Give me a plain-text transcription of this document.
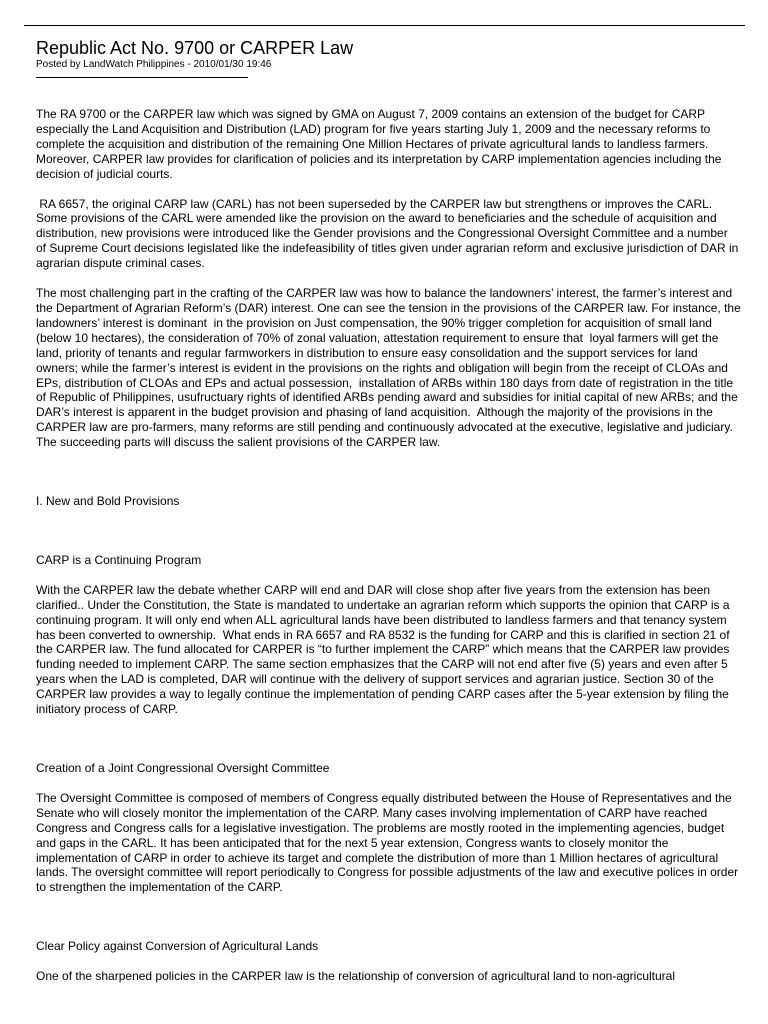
Republic Act No. 9700 or CARPER Law

Posted by LandWatch Philippines - 2010/01/30 19:46

The RA 9700 or the CARPER law which was signed by GMA on August 7, 2009 contains an extension of the budget for CARP especially the Land Acquisition and Distribution (LAD) program for five years starting July 1, 2009 and the necessary reforms to complete the acquisition and distribution of the remaining One Million Hectares of private agricultural lands to landless farmers.  Moreover, CARPER law provides for clarification of policies and its interpretation by CARP implementation agencies including the decision of judicial courts.

RA 6657, the original CARP law (CARL) has not been superseded by the CARPER law but strengthens or improves the CARL. Some provisions of the CARL were amended like the provision on the award to beneficiaries and the schedule of acquisition and distribution, new provisions were introduced like the Gender provisions and the Congressional Oversight Committee and a number of Supreme Court decisions legislated like the indefeasibility of titles given under agrarian reform and exclusive jurisdiction of DAR in agrarian dispute criminal cases.

The most challenging part in the crafting of the CARPER law was how to balance the landowners’ interest, the farmer’s interest and the Department of Agrarian Reform’s (DAR) interest. One can see the tension in the provisions of the CARPER law. For instance, the landowners’ interest is dominant  in the provision on Just compensation, the 90% trigger completion for acquisition of small land (below 10 hectares), the consideration of 70% of zonal valuation, attestation requirement to ensure that  loyal farmers will get the land, priority of tenants and regular farmworkers in distribution to ensure easy consolidation and the support services for land owners; while the farmer’s interest is evident in the provisions on the rights and obligation will begin from the receipt of CLOAs and EPs, distribution of CLOAs and EPs and actual possession,  installation of ARBs within 180 days from date of registration in the title of Republic of Philippines, usufructuary rights of identified ARBs pending award and subsidies for initial capital of new ARBs; and the DAR’s interest is apparent in the budget provision and phasing of land acquisition.  Although the majority of the provisions in the CARPER law are pro-farmers, many reforms are still pending and continuously advocated at the executive, legislative and judiciary. The succeeding parts will discuss the salient provisions of the CARPER law.

I. New and Bold Provisions

CARP is a Continuing Program

With the CARPER law the debate whether CARP will end and DAR will close shop after five years from the extension has been clarified.. Under the Constitution, the State is mandated to undertake an agrarian reform which supports the opinion that CARP is a continuing program. It will only end when ALL agricultural lands have been distributed to landless farmers and that tenancy system has been converted to ownership.  What ends in RA 6657 and RA 8532 is the funding for CARP and this is clarified in section 21 of the CARPER law. The fund allocated for CARPER is “to further implement the CARP” which means that the CARPER law provides funding needed to implement CARP. The same section emphasizes that the CARP will not end after five (5) years and even after 5 years when the LAD is completed, DAR will continue with the delivery of support services and agrarian justice. Section 30 of the CARPER law provides a way to legally continue the implementation of pending CARP cases after the 5-year extension by filing the initiatory process of CARP.

Creation of a Joint Congressional Oversight Committee

The Oversight Committee is composed of members of Congress equally distributed between the House of Representatives and the Senate who will closely monitor the implementation of the CARP. Many cases involving implementation of CARP have reached Congress and Congress calls for a legislative investigation. The problems are mostly rooted in the implementing agencies, budget and gaps in the CARL. It has been anticipated that for the next 5 year extension, Congress wants to closely monitor the implementation of CARP in order to achieve its target and complete the distribution of more than 1 Million hectares of agricultural lands. The oversight committee will report periodically to Congress for possible adjustments of the law and executive polices in order to strengthen the implementation of the CARP.

Clear Policy against Conversion of Agricultural Lands

One of the sharpened policies in the CARPER law is the relationship of conversion of agricultural land to non-agricultural
